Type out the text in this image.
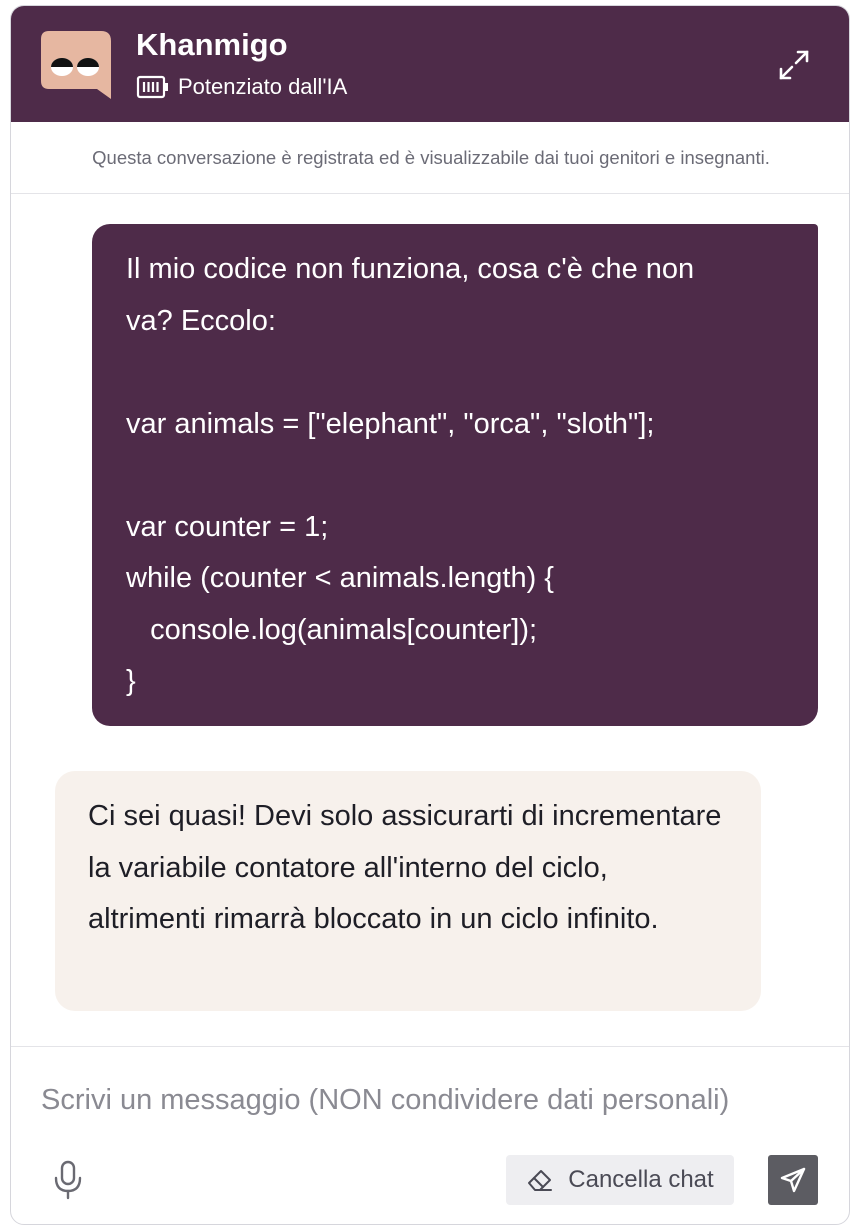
Khanmigo
Potenziato dall'IA
Questa conversazione è registrata ed è visualizzabile dai tuoi genitori e insegnanti.
Il mio codice non funziona, cosa c'è che non
va? Eccolo:

var animals = ["elephant", "orca", "sloth"];

var counter = 1;
while (counter < animals.length) {
console.log(animals[counter]);
}
Ci sei quasi! Devi solo assicurarti di incrementare la variabile contatore all'interno del ciclo, altrimenti rimarrà bloccato in un ciclo infinito.
Scrivi un messaggio (NON condividere dati personali)
Cancella chat
